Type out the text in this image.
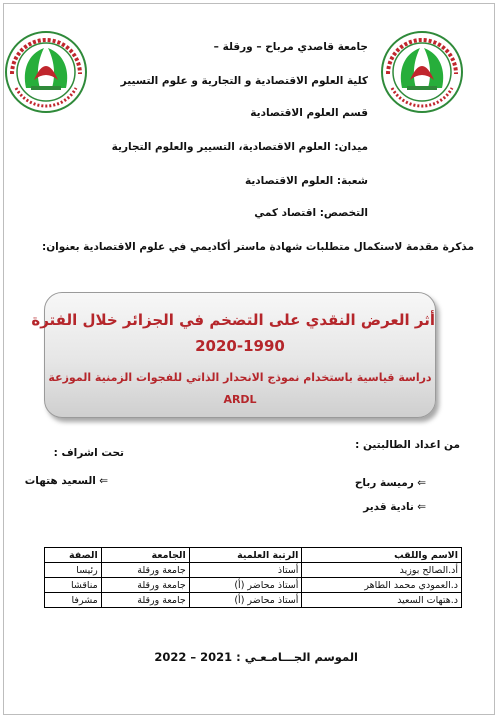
جامعة قاصدي مرباح – ورقلة –
كلية العلوم الاقتصادية و التجارية و علوم التسيير
قسم العلوم الاقتصادية
ميدان: العلوم الاقتصادية، التسيير والعلوم التجارية
شعبة: العلوم الاقتصادية
التخصص: اقتصاد كمي
مذكرة مقدمة لاستكمال متطلبات شهادة ماستر أكاديمي في علوم الاقتصادية بعنوان:
أثر العرض النقدي على التضخم في الجزائر خلال الفترة
2020-1990
دراسة قياسية باستخدام نموذج الانحدار الذاتي للفجوات الزمنية الموزعة
ARDL
من اعداد الطالبتين :
⇐ رميسة رباح
⇐ نادية قدير
تحت اشراف :
⇐ السعيد هتهات
الاسم واللقب	الرتبة العلمية	الجامعة	الصفة
أد.الصالح بوزيد	أستاذ	جامعة ورقلة	رئيسا
د.العمودي محمد الطاهر	أستاذ محاضر (أ)	جامعة ورقلة	مناقشا
د.هتهات السعيد	أستاذ محاضر (أ)	جامعة ورقلة	مشرفا
الموسم الجـــامـعـي : 2021 – 2022
